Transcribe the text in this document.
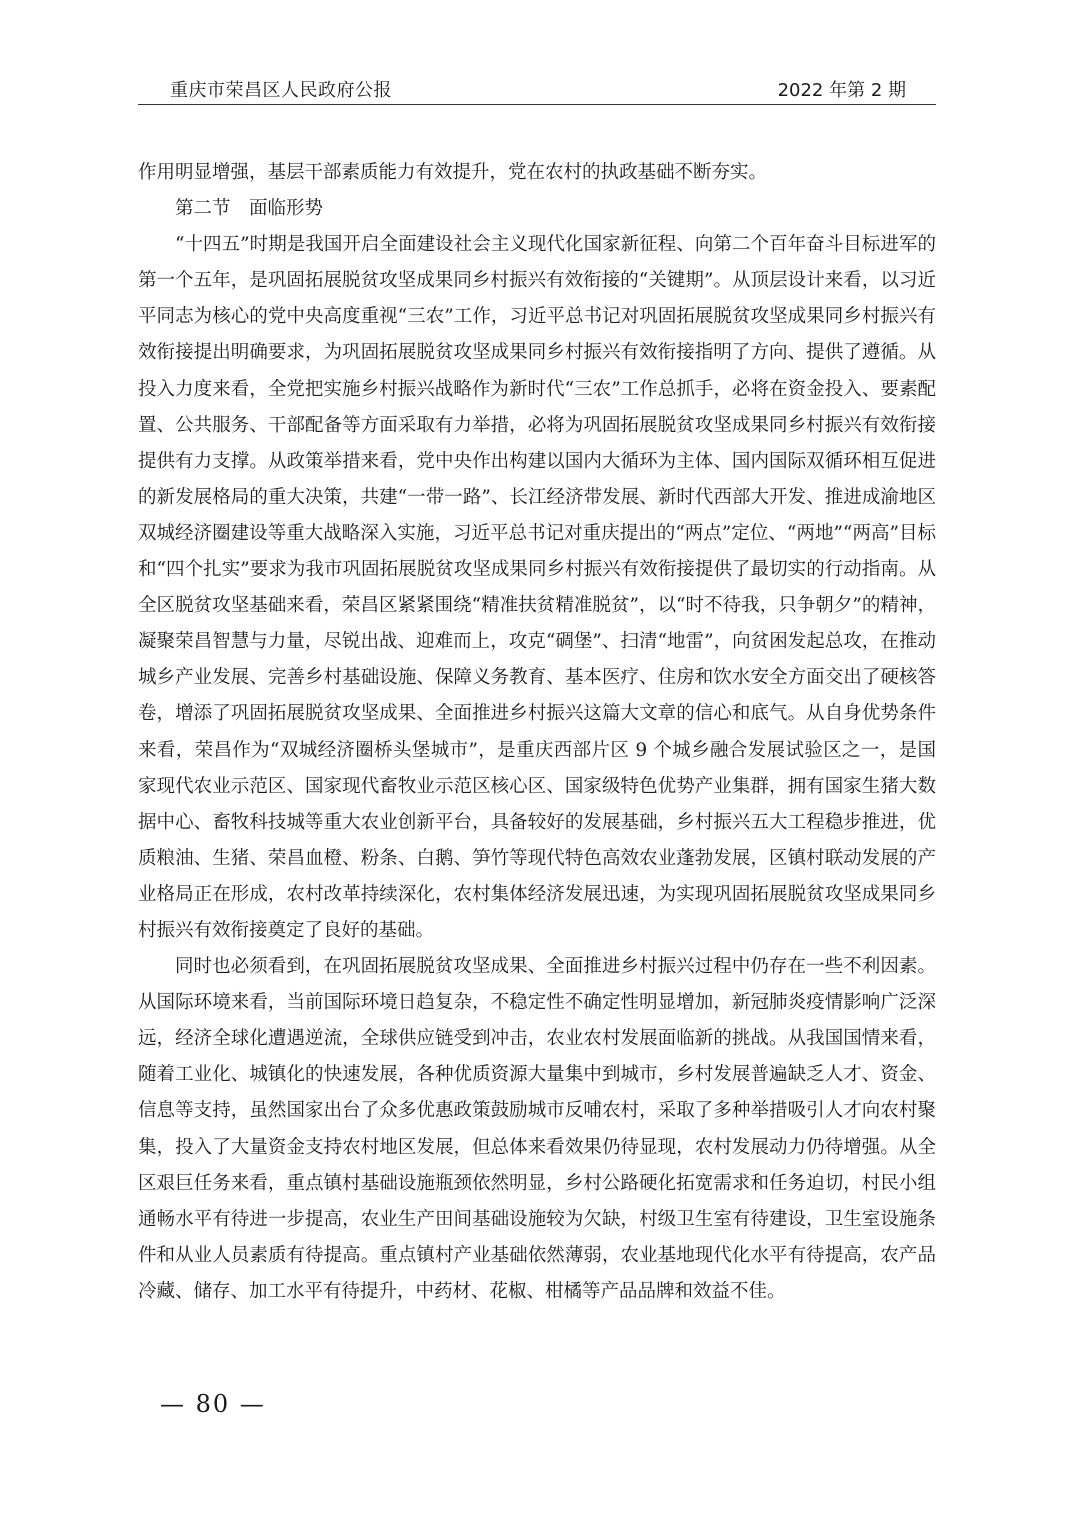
重庆市荣昌区人民政府公报	2022 年第 2 期

作用明显增强，基层干部素质能力有效提升，党在农村的执政基础不断夯实。

第二节　面临形势

“十四五”时期是我国开启全面建设社会主义现代化国家新征程、向第二个百年奋斗目标进军的第一个五年，是巩固拓展脱贫攻坚成果同乡村振兴有效衔接的“关键期”。从顶层设计来看，以习近平同志为核心的党中央高度重视“三农”工作，习近平总书记对巩固拓展脱贫攻坚成果同乡村振兴有效衔接提出明确要求，为巩固拓展脱贫攻坚成果同乡村振兴有效衔接指明了方向、提供了遵循。从投入力度来看，全党把实施乡村振兴战略作为新时代“三农”工作总抓手，必将在资金投入、要素配置、公共服务、干部配备等方面采取有力举措，必将为巩固拓展脱贫攻坚成果同乡村振兴有效衔接提供有力支撑。从政策举措来看，党中央作出构建以国内大循环为主体、国内国际双循环相互促进的新发展格局的重大决策，共建“一带一路”、长江经济带发展、新时代西部大开发、推进成渝地区双城经济圈建设等重大战略深入实施，习近平总书记对重庆提出的“两点”定位、“两地”“两高”目标和“四个扎实”要求为我市巩固拓展脱贫攻坚成果同乡村振兴有效衔接提供了最切实的行动指南。从全区脱贫攻坚基础来看，荣昌区紧紧围绕“精准扶贫精准脱贫”，以“时不待我，只争朝夕”的精神，凝聚荣昌智慧与力量，尽锐出战、迎难而上，攻克“碉堡”、扫清“地雷”，向贫困发起总攻，在推动城乡产业发展、完善乡村基础设施、保障义务教育、基本医疗、住房和饮水安全方面交出了硬核答卷，增添了巩固拓展脱贫攻坚成果、全面推进乡村振兴这篇大文章的信心和底气。从自身优势条件来看，荣昌作为“双城经济圈桥头堡城市”，是重庆西部片区 9 个城乡融合发展试验区之一，是国家现代农业示范区、国家现代畜牧业示范区核心区、国家级特色优势产业集群，拥有国家生猪大数据中心、畜牧科技城等重大农业创新平台，具备较好的发展基础，乡村振兴五大工程稳步推进，优质粮油、生猪、荣昌血橙、粉条、白鹅、笋竹等现代特色高效农业蓬勃发展，区镇村联动发展的产业格局正在形成，农村改革持续深化，农村集体经济发展迅速，为实现巩固拓展脱贫攻坚成果同乡村振兴有效衔接奠定了良好的基础。

同时也必须看到，在巩固拓展脱贫攻坚成果、全面推进乡村振兴过程中仍存在一些不利因素。从国际环境来看，当前国际环境日趋复杂，不稳定性不确定性明显增加，新冠肺炎疫情影响广泛深远，经济全球化遭遇逆流，全球供应链受到冲击，农业农村发展面临新的挑战。从我国国情来看，随着工业化、城镇化的快速发展，各种优质资源大量集中到城市，乡村发展普遍缺乏人才、资金、信息等支持，虽然国家出台了众多优惠政策鼓励城市反哺农村，采取了多种举措吸引人才向农村聚集，投入了大量资金支持农村地区发展，但总体来看效果仍待显现，农村发展动力仍待增强。从全区艰巨任务来看，重点镇村基础设施瓶颈依然明显，乡村公路硬化拓宽需求和任务迫切，村民小组通畅水平有待进一步提高，农业生产田间基础设施较为欠缺，村级卫生室有待建设，卫生室设施条件和从业人员素质有待提高。重点镇村产业基础依然薄弱，农业基地现代化水平有待提高，农产品冷藏、储存、加工水平有待提升，中药材、花椒、柑橘等产品品牌和效益不佳。

— 80 —
